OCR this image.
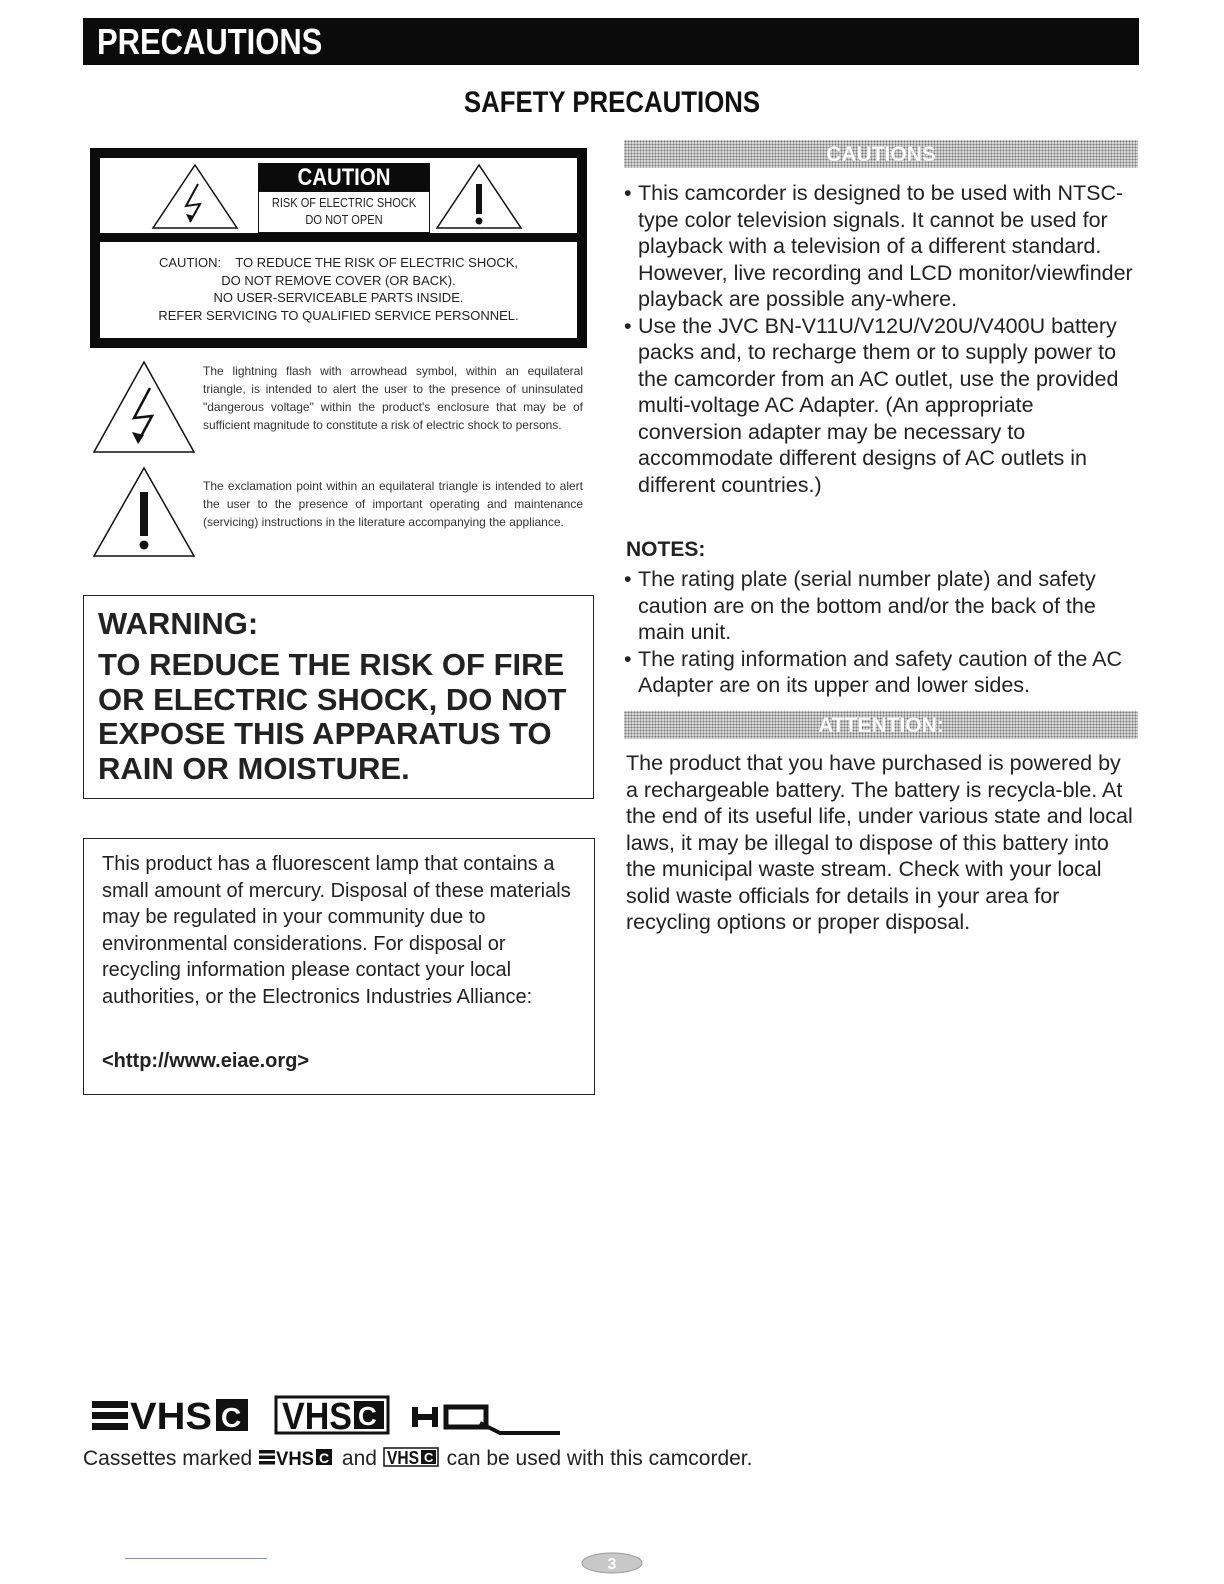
PRECAUTIONS
SAFETY PRECAUTIONS
CAUTION
RISK OF ELECTRIC SHOCK
DO NOT OPEN
CAUTION:    TO REDUCE THE RISK OF ELECTRIC SHOCK,
DO NOT REMOVE COVER (OR BACK).
NO USER-SERVICEABLE PARTS INSIDE.
REFER SERVICING TO QUALIFIED SERVICE PERSONNEL.
The lightning flash with arrowhead symbol, within an equilateral triangle, is intended to alert the user to the presence of uninsulated "dangerous voltage" within the product's enclosure that may be of sufficient magnitude to constitute a risk of electric shock to persons.
The exclamation point within an equilateral triangle is intended to alert the user to the presence of important operating and maintenance (servicing) instructions in the literature accompanying the appliance.
WARNING:
TO REDUCE THE RISK OF FIRE OR ELECTRIC SHOCK, DO NOT EXPOSE THIS APPARATUS TO RAIN OR MOISTURE.
This product has a fluorescent lamp that contains a small amount of mercury. Disposal of these materials may be regulated in your community due to environmental considerations. For disposal or recycling information please contact your local authorities, or the Electronics Industries Alliance:
<http://www.eiae.org>
CAUTIONS
• This camcorder is designed to be used with NTSC-type color television signals. It cannot be used for playback with a television of a different standard. However, live recording and LCD monitor/viewfinder playback are possible any-where.
• Use the JVC BN-V11U/V12U/V20U/V400U battery packs and, to recharge them or to supply power to the camcorder from an AC outlet, use the provided multi-voltage AC Adapter. (An appropriate conversion adapter may be necessary to accommodate different designs of AC outlets in different countries.)
NOTES:
• The rating plate (serial number plate) and safety caution are on the bottom and/or the back of the main unit.
• The rating information and safety caution of the AC Adapter are on its upper and lower sides.
ATTENTION:
The product that you have purchased is powered by a rechargeable battery. The battery is recycla-ble. At the end of its useful life, under various state and local laws, it may be illegal to dispose of this battery into the municipal waste stream. Check with your local solid waste officials for details in your area for recycling options or proper disposal.
VHS C VHS C
Cassettes marked VHS C and VHS C can be used with this camcorder.
3
